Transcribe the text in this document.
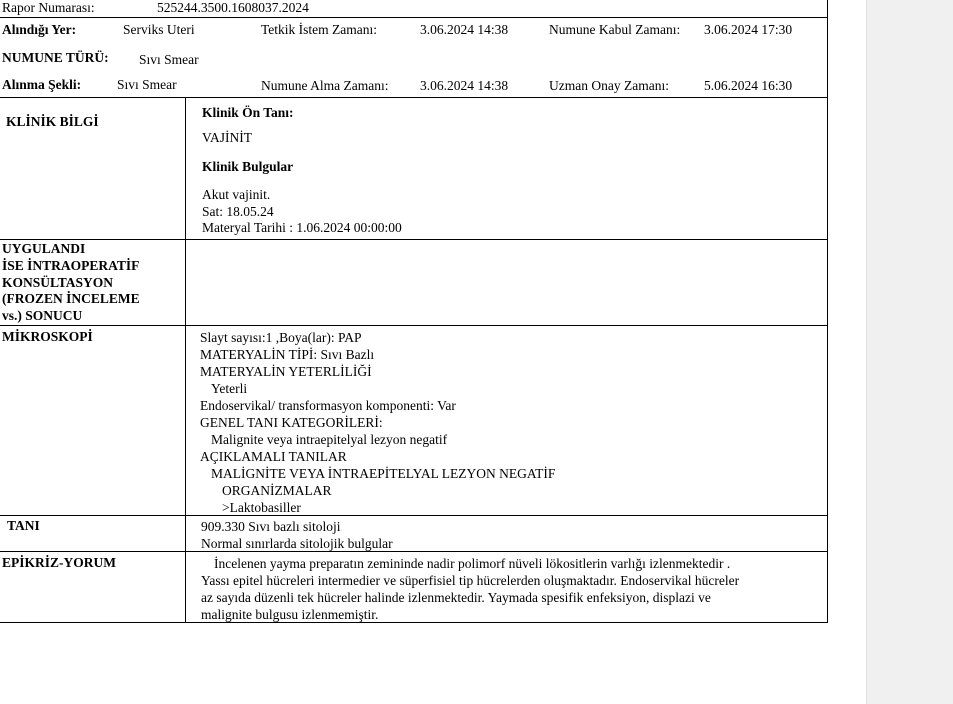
Rapor Numarası:	525244.3500.1608037.2024
Alındığı Yer:	Serviks Uteri	Tetkik İstem Zamanı:	3.06.2024 14:38	Numune Kabul Zamanı: 3.06.2024 17:30
NUMUNE TÜRÜ: Sıvı Smear
Alınma Şekli:	Sıvı Smear	Numune Alma Zamanı: 3.06.2024 14:38	Uzman Onay Zamanı:	5.06.2024 16:30
KLİNİK BİLGİ
Klinik Ön Tanı:
VAJİNİT
Klinik Bulgular
Akut vajinit.
Sat: 18.05.24
Materyal Tarihi : 1.06.2024 00:00:00
UYGULANDI
İSE İNTRAOPERATİF
KONSÜLTASYON
(FROZEN İNCELEME
vs.) SONUCU
MİKROSKOPİ	Slayt sayısı:1 ,Boya(lar): PAP
MATERYALİN TİPİ: Sıvı Bazlı
MATERYALİN YETERLİLİĞİ
Yeterli
Endoservikal/ transformasyon komponenti: Var
GENEL TANI KATEGORİLERİ:
Malignite veya intraepitelyal lezyon negatif
AÇIKLAMALI TANILAR
MALİGNİTE VEYA İNTRAEPİTELYAL LEZYON NEGATİF
ORGANİZMALAR
>Laktobasiller
TANI	909.330 Sıvı bazlı sitoloji
Normal sınırlarda sitolojik bulgular
EPİKRİZ-YORUM	İncelenen yayma preparatın zemininde nadir polimorf nüveli lökositlerin varlığı izlenmektedir .
Yassı epitel hücreleri intermedier ve süperfisiel tip hücrelerden oluşmaktadır. Endoservikal hücreler
az sayıda düzenli tek hücreler halinde izlenmektedir. Yaymada spesifik enfeksiyon, displazi ve
malignite bulgusu izlenmemiştir.
